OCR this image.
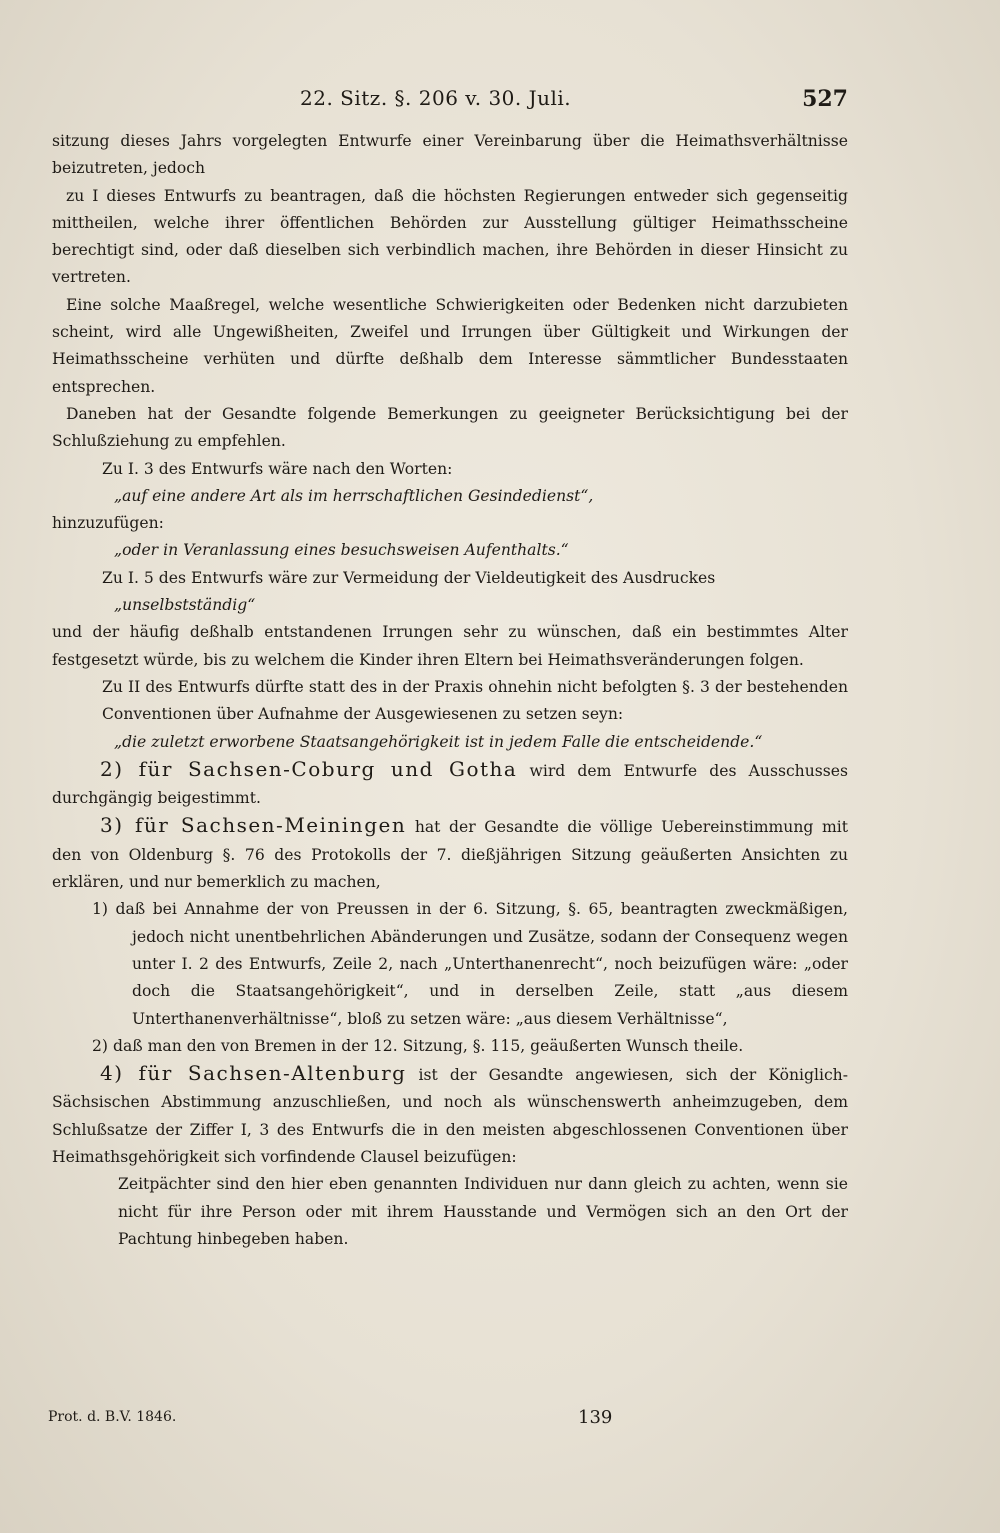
22. Sitz. §. 206 v. 30. Juli.	527

sitzung dieses Jahrs vorgelegten Entwurfe einer Vereinbarung über die Heimathsverhältnisse beizutreten, jedoch

zu I dieses Entwurfs zu beantragen, daß die höchsten Regierungen entweder sich gegenseitig mittheilen, welche ihrer öffentlichen Behörden zur Ausstellung gültiger Heimathsscheine berechtigt sind, oder daß dieselben sich verbindlich machen, ihre Behörden in dieser Hinsicht zu vertreten.

Eine solche Maaßregel, welche wesentliche Schwierigkeiten oder Bedenken nicht darzubieten scheint, wird alle Ungewißheiten, Zweifel und Irrungen über Gültigkeit und Wirkungen der Heimathsscheine verhüten und dürfte deßhalb dem Interesse sämmtlicher Bundesstaaten entsprechen.

Daneben hat der Gesandte folgende Bemerkungen zu geeigneter Berücksichtigung bei der Schlußziehung zu empfehlen.

Zu I. 3 des Entwurfs wäre nach den Worten:

„auf eine andere Art als im herrschaftlichen Gesindedienst“,

hinzuzufügen:

„oder in Veranlassung eines besuchsweisen Aufenthalts.“

Zu I. 5 des Entwurfs wäre zur Vermeidung der Vieldeutigkeit des Ausdruckes

„unselbstständig“

und der häufig deßhalb entstandenen Irrungen sehr zu wünschen, daß ein bestimmtes Alter festgesetzt würde, bis zu welchem die Kinder ihren Eltern bei Heimathsveränderungen folgen.

Zu II des Entwurfs dürfte statt des in der Praxis ohnehin nicht befolgten §. 3 der bestehenden Conventionen über Aufnahme der Ausgewiesenen zu setzen seyn:

„die zuletzt erworbene Staatsangehörigkeit ist in jedem Falle die entscheidende.“

2) für Sachsen-Coburg und Gotha wird dem Entwurfe des Ausschusses durchgängig beigestimmt.

3) für Sachsen-Meiningen hat der Gesandte die völlige Uebereinstimmung mit den von Oldenburg §. 76 des Protokolls der 7. dießjährigen Sitzung geäußerten Ansichten zu erklären, und nur bemerklich zu machen,

1) daß bei Annahme der von Preussen in der 6. Sitzung, §. 65, beantragten zweckmäßigen, jedoch nicht unentbehrlichen Abänderungen und Zusätze, sodann der Consequenz wegen unter I. 2 des Entwurfs, Zeile 2, nach „Unterthanenrecht“, noch beizufügen wäre: „oder doch die Staatsangehörigkeit“, und in derselben Zeile, statt „aus diesem Unterthanenverhältnisse“, bloß zu setzen wäre: „aus diesem Verhältnisse“,

2) daß man den von Bremen in der 12. Sitzung, §. 115, geäußerten Wunsch theile.

4) für Sachsen-Altenburg ist der Gesandte angewiesen, sich der Königlich-Sächsischen Abstimmung anzuschließen, und noch als wünschenswerth anheimzugeben, dem Schlußsatze der Ziffer I, 3 des Entwurfs die in den meisten abgeschlossenen Conventionen über Heimathsgehörigkeit sich vorfindende Clausel beizufügen:

Zeitpächter sind den hier eben genannten Individuen nur dann gleich zu achten, wenn sie nicht für ihre Person oder mit ihrem Hausstande und Vermögen sich an den Ort der Pachtung hinbegeben haben.

Prot. d. B.V. 1846.	139
